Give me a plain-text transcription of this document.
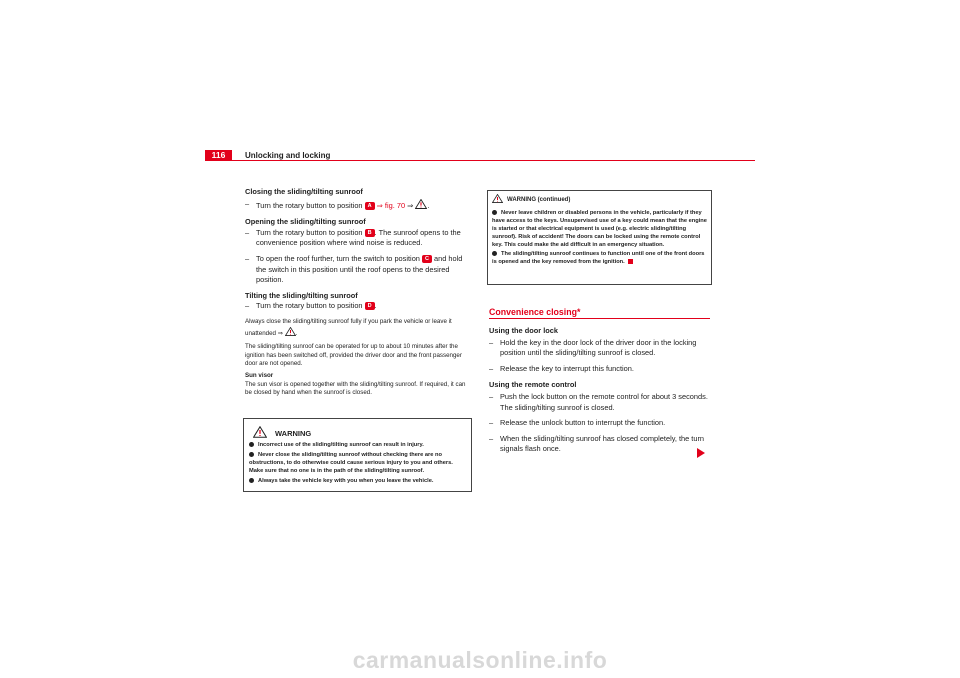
116	Unlocking and locking

Closing the sliding/tilting sunroof

– Turn the rotary button to position A ⇒ fig. 70 ⇒ .

Opening the sliding/tilting sunroof

– Turn the rotary button to position B . The sunroof opens to the convenience position where wind noise is reduced.

– To open the roof further, turn the switch to position C and hold the switch in this position until the roof opens to the desired position.

Tilting the sliding/tilting sunroof

– Turn the rotary button to position D .

Always close the sliding/tilting sunroof fully if you park the vehicle or leave it unattended ⇒ .

The sliding/tilting sunroof can be operated for up to about 10 minutes after the ignition has been switched off, provided the driver door and the front passenger door are not opened.

Sun visor

The sun visor is opened together with the sliding/tilting sunroof. If required, it can be closed by hand when the sunroof is closed.

WARNING

Incorrect use of the sliding/tilting sunroof can result in injury.

Never close the sliding/tilting sunroof without checking there are no obstructions, to do otherwise could cause serious injury to you and others. Make sure that no one is in the path of the sliding/tilting sunroof.

Always take the vehicle key with you when you leave the vehicle.

WARNING (continued)

Never leave children or disabled persons in the vehicle, particularly if they have access to the keys. Unsupervised use of a key could mean that the engine is started or that electrical equipment is used (e.g. electric sliding/tilting sunroof). Risk of accident! The doors can be locked using the remote control key. This could make the aid difficult in an emergency situation.

The sliding/tilting sunroof continues to function until one of the front doors is opened and the key removed from the ignition.

Convenience closing*

Using the door lock

– Hold the key in the door lock of the driver door in the locking position until the sliding/tilting sunroof is closed.

– Release the key to interrupt this function.

Using the remote control

– Push the lock button on the remote control for about 3 seconds. The sliding/tilting sunroof is closed.

– Release the unlock button to interrupt the function.

– When the sliding/tilting sunroof has closed completely, the turn signals flash once.

carmanualsonline.info
